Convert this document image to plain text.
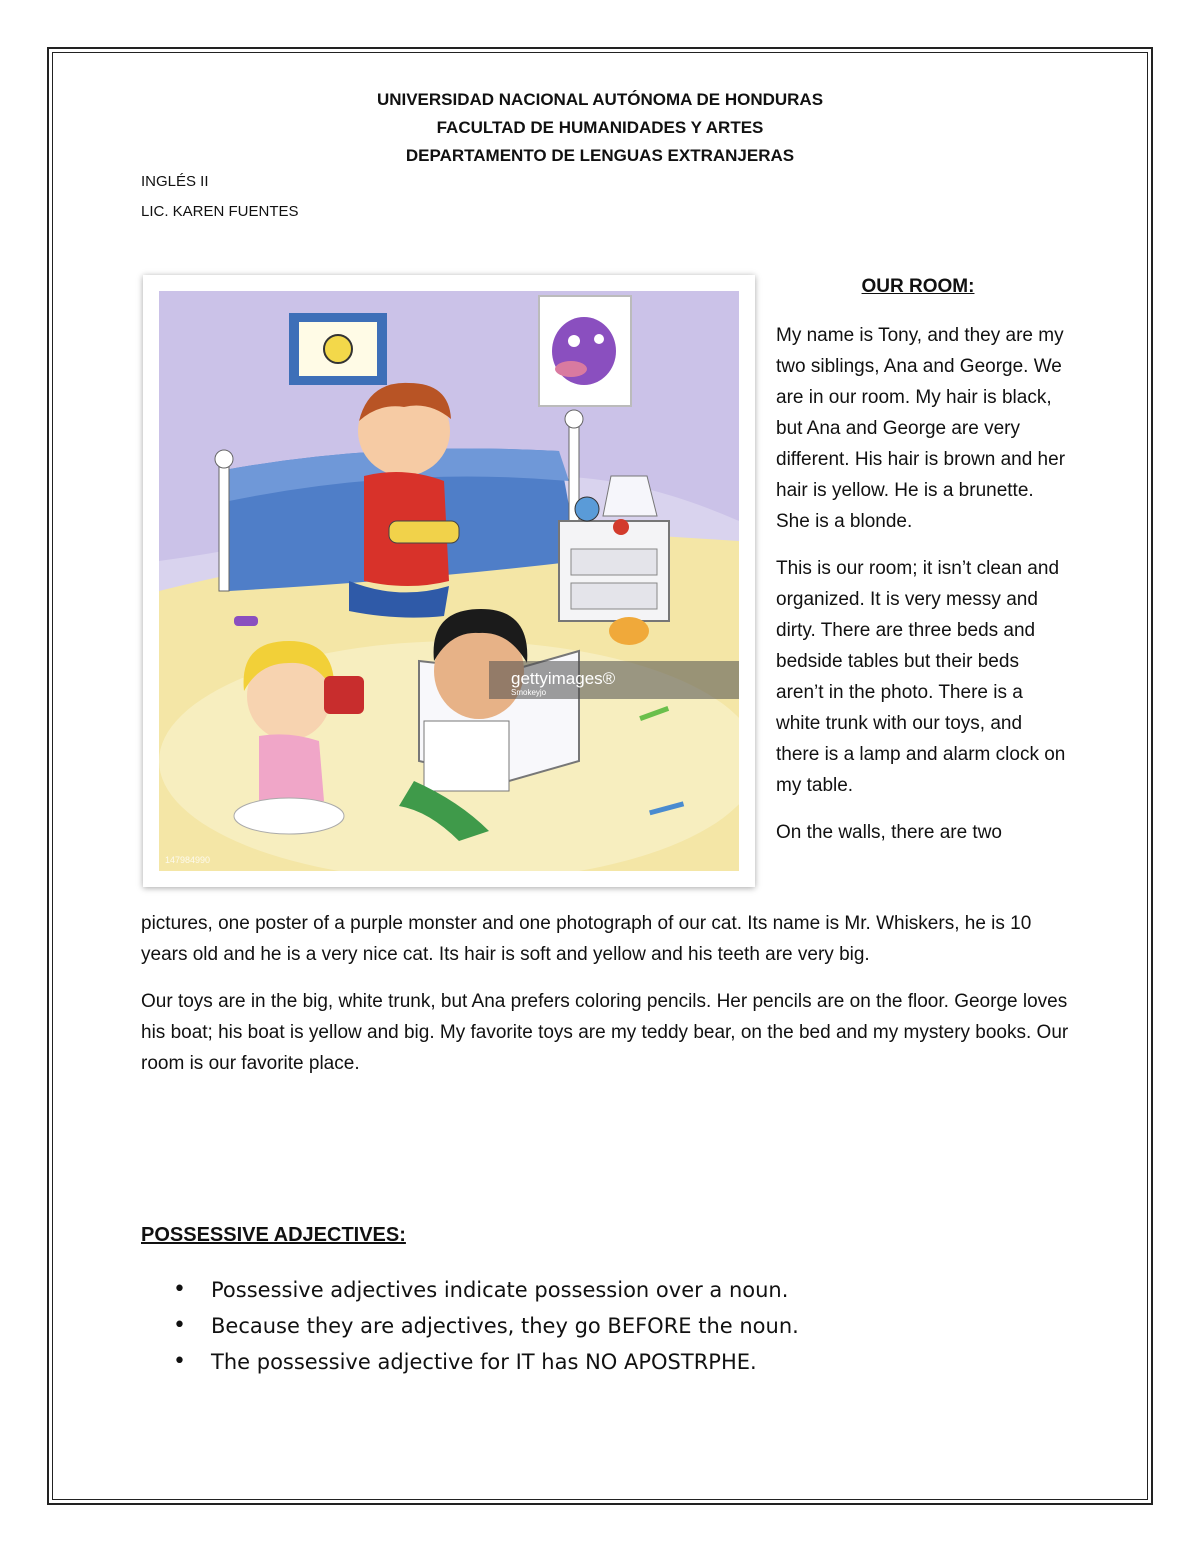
UNIVERSIDAD NACIONAL AUTÓNOMA DE HONDURAS
FACULTAD DE HUMANIDADES Y ARTES
DEPARTAMENTO DE LENGUAS EXTRANJERAS
INGLÉS II
LIC. KAREN FUENTES
gettyimages®
Smokeyjo
147984990
OUR ROOM:

My name is Tony, and they are my two siblings, Ana and George. We are in our room. My hair is black, but Ana and George are very different. His hair is brown and her hair is yellow. He is a brunette. She is a blonde.

This is our room; it isn’t clean and organized. It is very messy and dirty. There are three beds and bedside tables but their beds aren’t in the photo. There is a white trunk with our toys, and there is a lamp and alarm clock on my table.

On the walls, there are two

pictures, one poster of a purple monster and one photograph of our cat. Its name is Mr. Whiskers, he is 10 years old and he is a very nice cat. Its hair is soft and yellow and his teeth are very big.

Our toys are in the big, white trunk, but Ana prefers coloring pencils. Her pencils are on the floor. George loves his boat; his boat is yellow and big. My favorite toys are my teddy bear, on the bed and my mystery books. Our room is our favorite place.

POSSESSIVE ADJECTIVES:
• Possessive adjectives indicate possession over a noun.
• Because they are adjectives, they go BEFORE the noun.
• The possessive adjective for IT has NO APOSTRPHE.
